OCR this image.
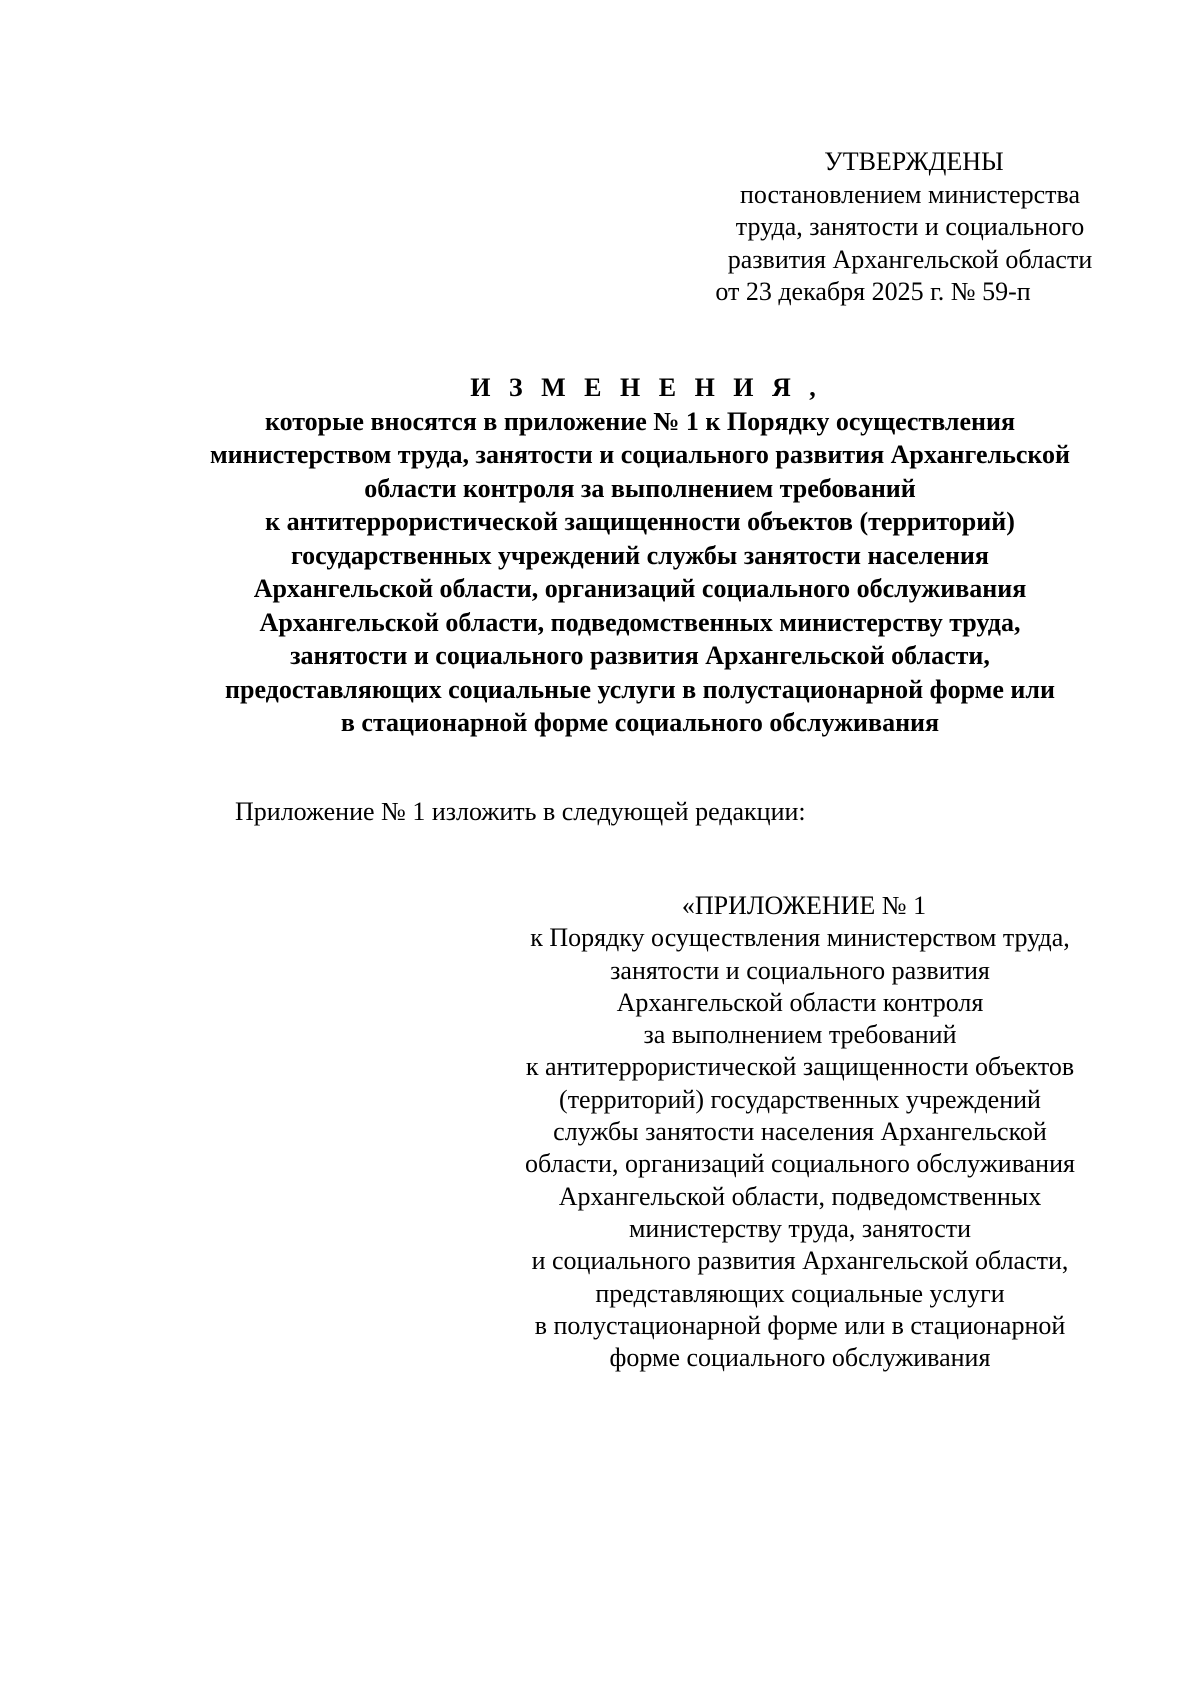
УТВЕРЖДЕНЫ
постановлением министерства
труда, занятости и социального
развития Архангельской области
от 23 декабря 2025 г. № 59-п
И З М Е Н Е Н И Я ,
которые вносятся в приложение № 1 к Порядку осуществления
министерством труда, занятости и социального развития Архангельской
области контроля за выполнением требований
к антитеррористической защищенности объектов (территорий)
государственных учреждений службы занятости населения
Архангельской области, организаций социального обслуживания
Архангельской области, подведомственных министерству труда,
занятости и социального развития Архангельской области,
предоставляющих социальные услуги в полустационарной форме или
в стационарной форме социального обслуживания
Приложение № 1 изложить в следующей редакции:
«ПРИЛОЖЕНИЕ № 1
к Порядку осуществления министерством труда,
занятости и социального развития
Архангельской области контроля
за выполнением требований
к антитеррористической защищенности объектов
(территорий) государственных учреждений
службы занятости населения Архангельской
области, организаций социального обслуживания
Архангельской области, подведомственных
министерству труда, занятости
и социального развития Архангельской области,
представляющих социальные услуги
в полустационарной форме или в стационарной
форме социального обслуживания
